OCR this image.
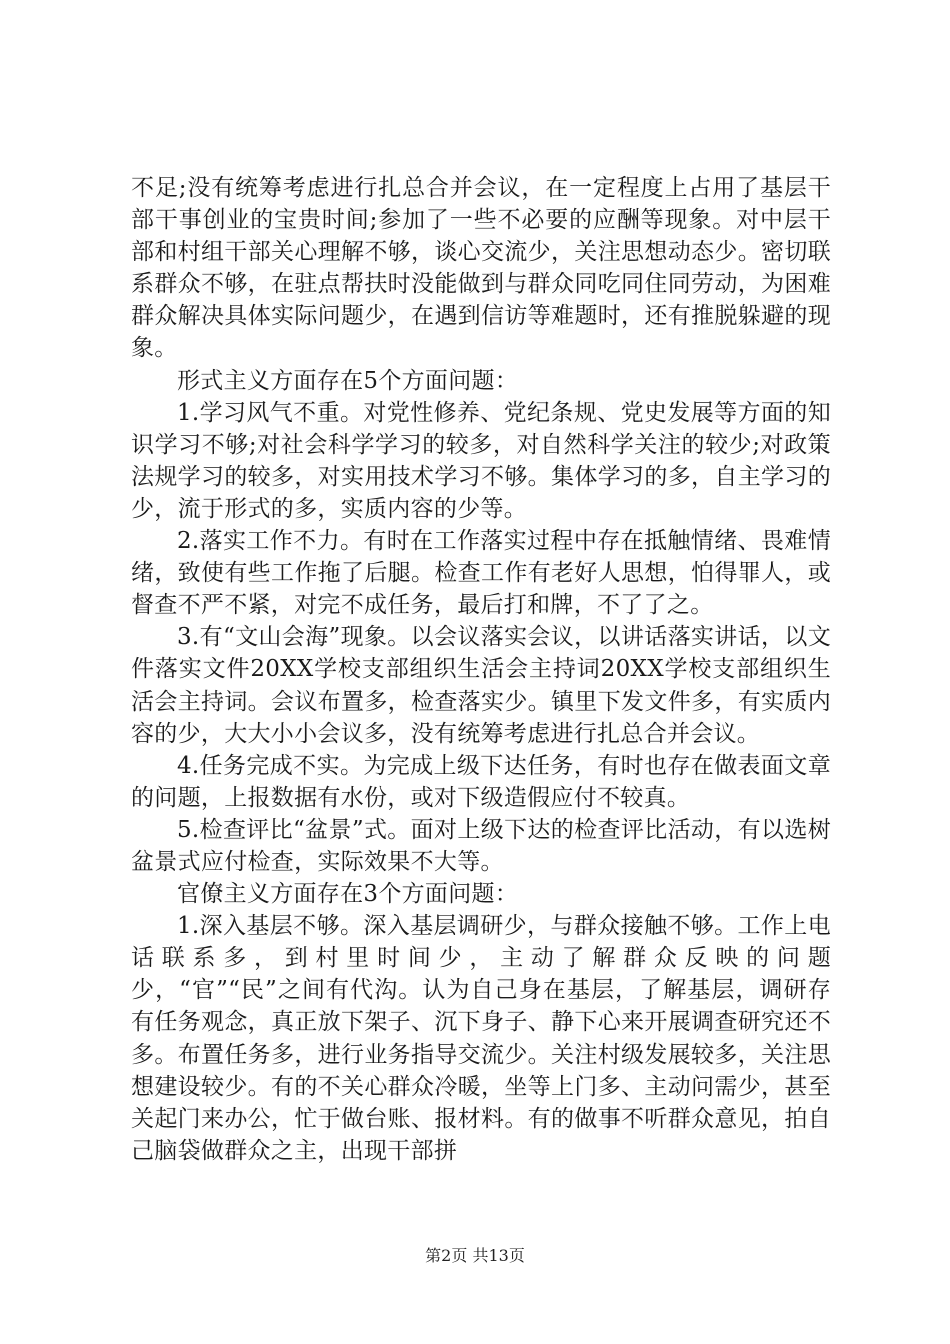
不足;没有统筹考虑进行扎总合并会议，在一定程度上占用了基层干部干事创业的宝贵时间;参加了一些不必要的应酬等现象。对中层干部和村组干部关心理解不够，谈心交流少，关注思想动态少。密切联系群众不够，在驻点帮扶时没能做到与群众同吃同住同劳动，为困难群众解决具体实际问题少，在遇到信访等难题时，还有推脱躲避的现象。

形式主义方面存在5个方面问题：

1.学习风气不重。对党性修养、党纪条规、党史发展等方面的知识学习不够;对社会科学学习的较多，对自然科学关注的较少;对政策法规学习的较多，对实用技术学习不够。集体学习的多，自主学习的少，流于形式的多，实质内容的少等。

2.落实工作不力。有时在工作落实过程中存在抵触情绪、畏难情绪，致使有些工作拖了后腿。检查工作有老好人思想，怕得罪人，或督查不严不紧，对完不成任务，最后打和牌，不了了之。

3.有“文山会海”现象。以会议落实会议，以讲话落实讲话，以文件落实文件20XX学校支部组织生活会主持词20XX学校支部组织生活会主持词。会议布置多，检查落实少。镇里下发文件多，有实质内容的少，大大小小会议多，没有统筹考虑进行扎总合并会议。

4.任务完成不实。为完成上级下达任务，有时也存在做表面文章的问题，上报数据有水份，或对下级造假应付不较真。

5.检查评比“盆景”式。面对上级下达的检查评比活动，有以选树盆景式应付检查，实际效果不大等。

官僚主义方面存在3个方面问题：

1.深入基层不够。深入基层调研少，与群众接触不够。工作上电话联系多，到村里时间少，主动了解群众反映的问题少，“官”“民”之间有代沟。认为自己身在基层，了解基层，调研存有任务观念，真正放下架子、沉下身子、静下心来开展调查研究还不多。布置任务多，进行业务指导交流少。关注村级发展较多，关注思想建设较少。有的不关心群众冷暖，坐等上门多、主动问需少，甚至关起门来办公，忙于做台账、报材料。有的做事不听群众意见，拍自己脑袋做群众之主，出现干部拼

第2页 共13页
